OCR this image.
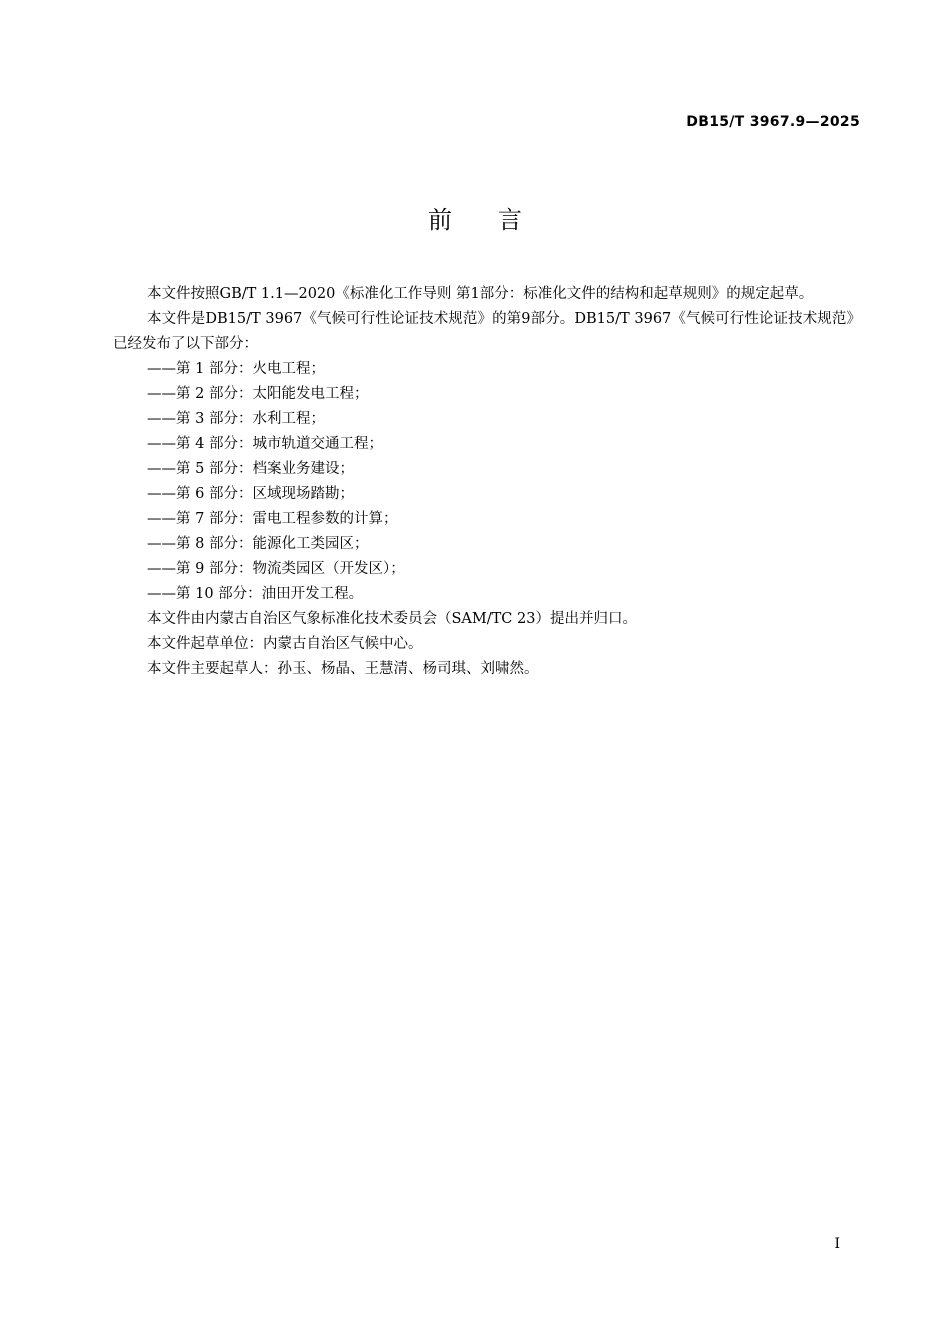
DB15/T 3967.9—2025
前言

本文件按照GB/T 1.1—2020《标准化工作导则 第1部分：标准化文件的结构和起草规则》的规定起草。

本文件是DB15/T 3967《气候可行性论证技术规范》的第9部分。DB15/T 3967《气候可行性论证技术规范》已经发布了以下部分：

——第 1 部分：火电工程；

——第 2 部分：太阳能发电工程；

——第 3 部分：水利工程；

——第 4 部分：城市轨道交通工程；

——第 5 部分：档案业务建设；

——第 6 部分：区域现场踏勘；

——第 7 部分：雷电工程参数的计算；

——第 8 部分：能源化工类园区；

——第 9 部分：物流类园区（开发区）；

——第 10 部分：油田开发工程。

本文件由内蒙古自治区气象标准化技术委员会（SAM/TC 23）提出并归口。

本文件起草单位：内蒙古自治区气候中心。

本文件主要起草人：孙玉、杨晶、王慧清、杨司琪、刘啸然。

I
